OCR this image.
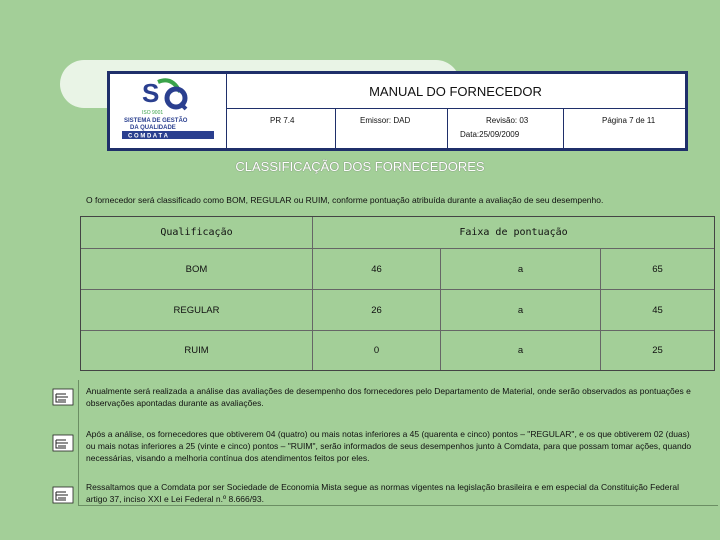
S
ISO 9001
SISTEMA DE GESTÃO
DA QUALIDADE
C O M D A T A
MANUAL DO FORNECEDOR
PR 7.4	Emissor: DAD	Revisão: 03
Data:25/09/2009
Página 7 de 11
CLASSIFICAÇÃO DOS FORNECEDORES
O fornecedor será classificado como BOM, REGULAR ou RUIM, conforme pontuação atribuída durante a avaliação de seu desempenho.
Qualificação	Faixa de pontuação
BOM	46	a	65
REGULAR	26	a	45
RUIM	0	a	25
Anualmente será realizada a análise das avaliações de desempenho dos fornecedores pelo Departamento de Material, onde serão observados as pontuações e observações apontadas durante as avaliações.
Após a análise, os fornecedores que obtiverem 04 (quatro) ou mais notas inferiores a 45 (quarenta e cinco) pontos – "REGULAR", e os que obtiverem 02 (duas) ou mais notas inferiores a 25 (vinte e cinco) pontos – "RUIM", serão informados de seus desempenhos junto à Comdata, para que possam tomar ações, quando necessárias, visando a melhoria contínua dos atendimentos feitos por eles.
Ressaltamos que a Comdata por ser Sociedade de Economia Mista segue as normas vigentes na legislação brasileira e em especial da Constituição Federal artigo 37, inciso XXI e Lei Federal n.º 8.666/93.
